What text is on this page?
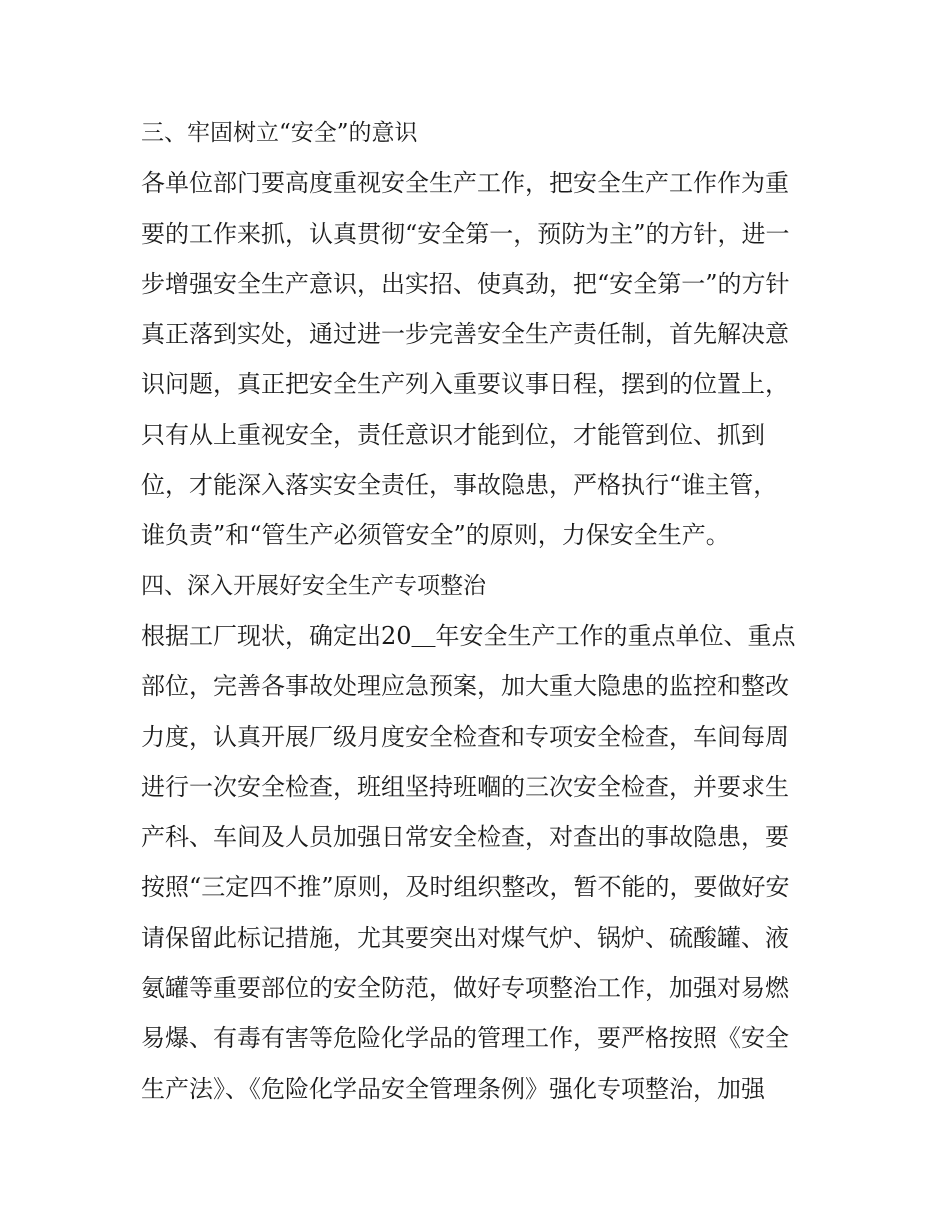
三、牢固树立“安全”的意识
各单位部门要高度重视安全生产工作，把安全生产工作作为重
要的工作来抓，认真贯彻“安全第一，预防为主”的方针，进一
步增强安全生产意识，出实招、使真劲，把“安全第一”的方针
真正落到实处，通过进一步完善安全生产责任制，首先解决意
识问题，真正把安全生产列入重要议事日程，摆到的位置上，
只有从上重视安全，责任意识才能到位，才能管到位、抓到
位，才能深入落实安全责任，事故隐患，严格执行“谁主管，
谁负责”和“管生产必须管安全”的原则，力保安全生产。
四、深入开展好安全生产专项整治
根据工厂现状，确定出20＿年安全生产工作的重点单位、重点
部位，完善各事故处理应急预案，加大重大隐患的监控和整改
力度，认真开展厂级月度安全检查和专项安全检查，车间每周
进行一次安全检查，班组坚持班嗰的三次安全检查，并要求生
产科、车间及人员加强日常安全检查，对查出的事故隐患，要
按照“三定四不推”原则，及时组织整改，暂不能的，要做好安
请保留此标记措施，尤其要突出对煤气炉、锅炉、硫酸罐、液
氨罐等重要部位的安全防范，做好专项整治工作，加强对易燃
易爆、有毒有害等危险化学品的管理工作，要严格按照《安全
生产法》、《危险化学品安全管理条例》强化专项整治，加强
